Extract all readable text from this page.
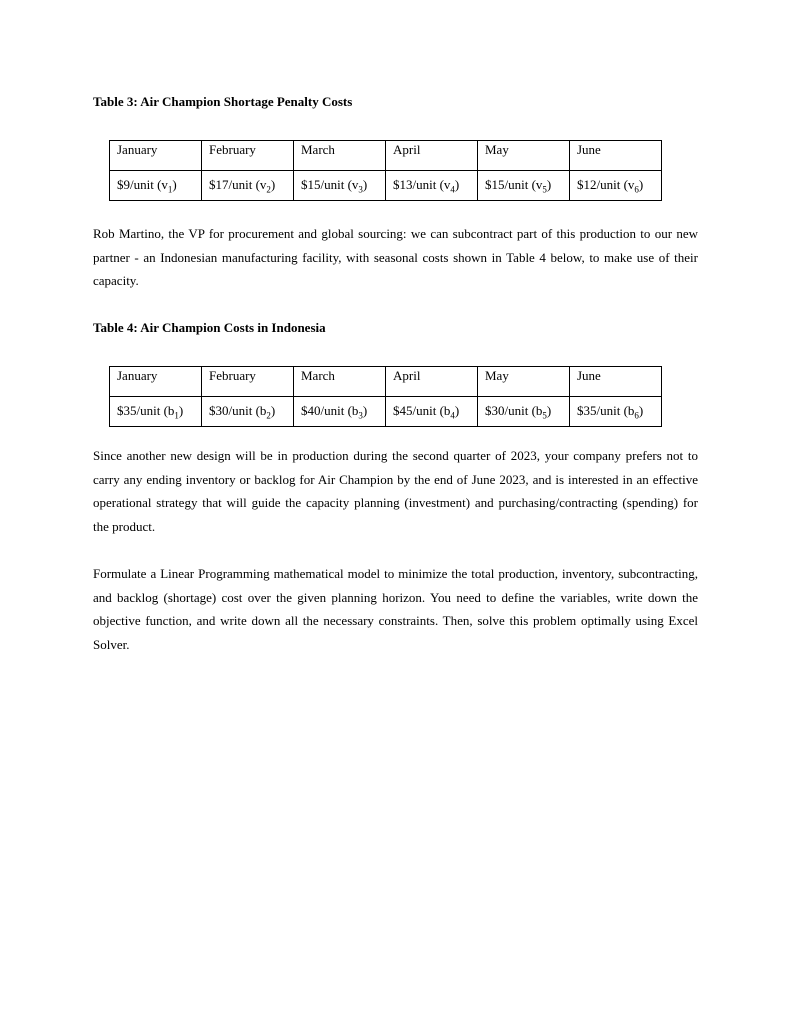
Table 3: Air Champion Shortage Penalty Costs
January	February	March	April	May	June
$9/unit $(v_1)$	$17/unit $(v_2)$	$15/unit $(v_3)$	$13/unit $(v_4)$	$15/unit $(v_5)$	$12/unit $(v_6)$

Rob Martino, the VP for procurement and global sourcing: we can subcontract part of this production to our new partner - an Indonesian manufacturing facility, with seasonal costs shown in Table 4 below, to make use of their capacity.

Table 4: Air Champion Costs in Indonesia
January	February	March	April	May	June
$35/unit $(b_1)$	$30/unit $(b_2)$	$40/unit $(b_3)$	$45/unit $(b_4)$	$30/unit $(b_5)$	$35/unit $(b_6)$

Since another new design will be in production during the second quarter of 2023, your company prefers not to carry any ending inventory or backlog for Air Champion by the end of June 2023, and is interested in an effective operational strategy that will guide the capacity planning (investment) and purchasing/contracting (spending) for the product.

Formulate a Linear Programming mathematical model to minimize the total production, inventory, subcontracting, and backlog (shortage) cost over the given planning horizon. You need to define the variables, write down the objective function, and write down all the necessary constraints. Then, solve this problem optimally using Excel Solver.
